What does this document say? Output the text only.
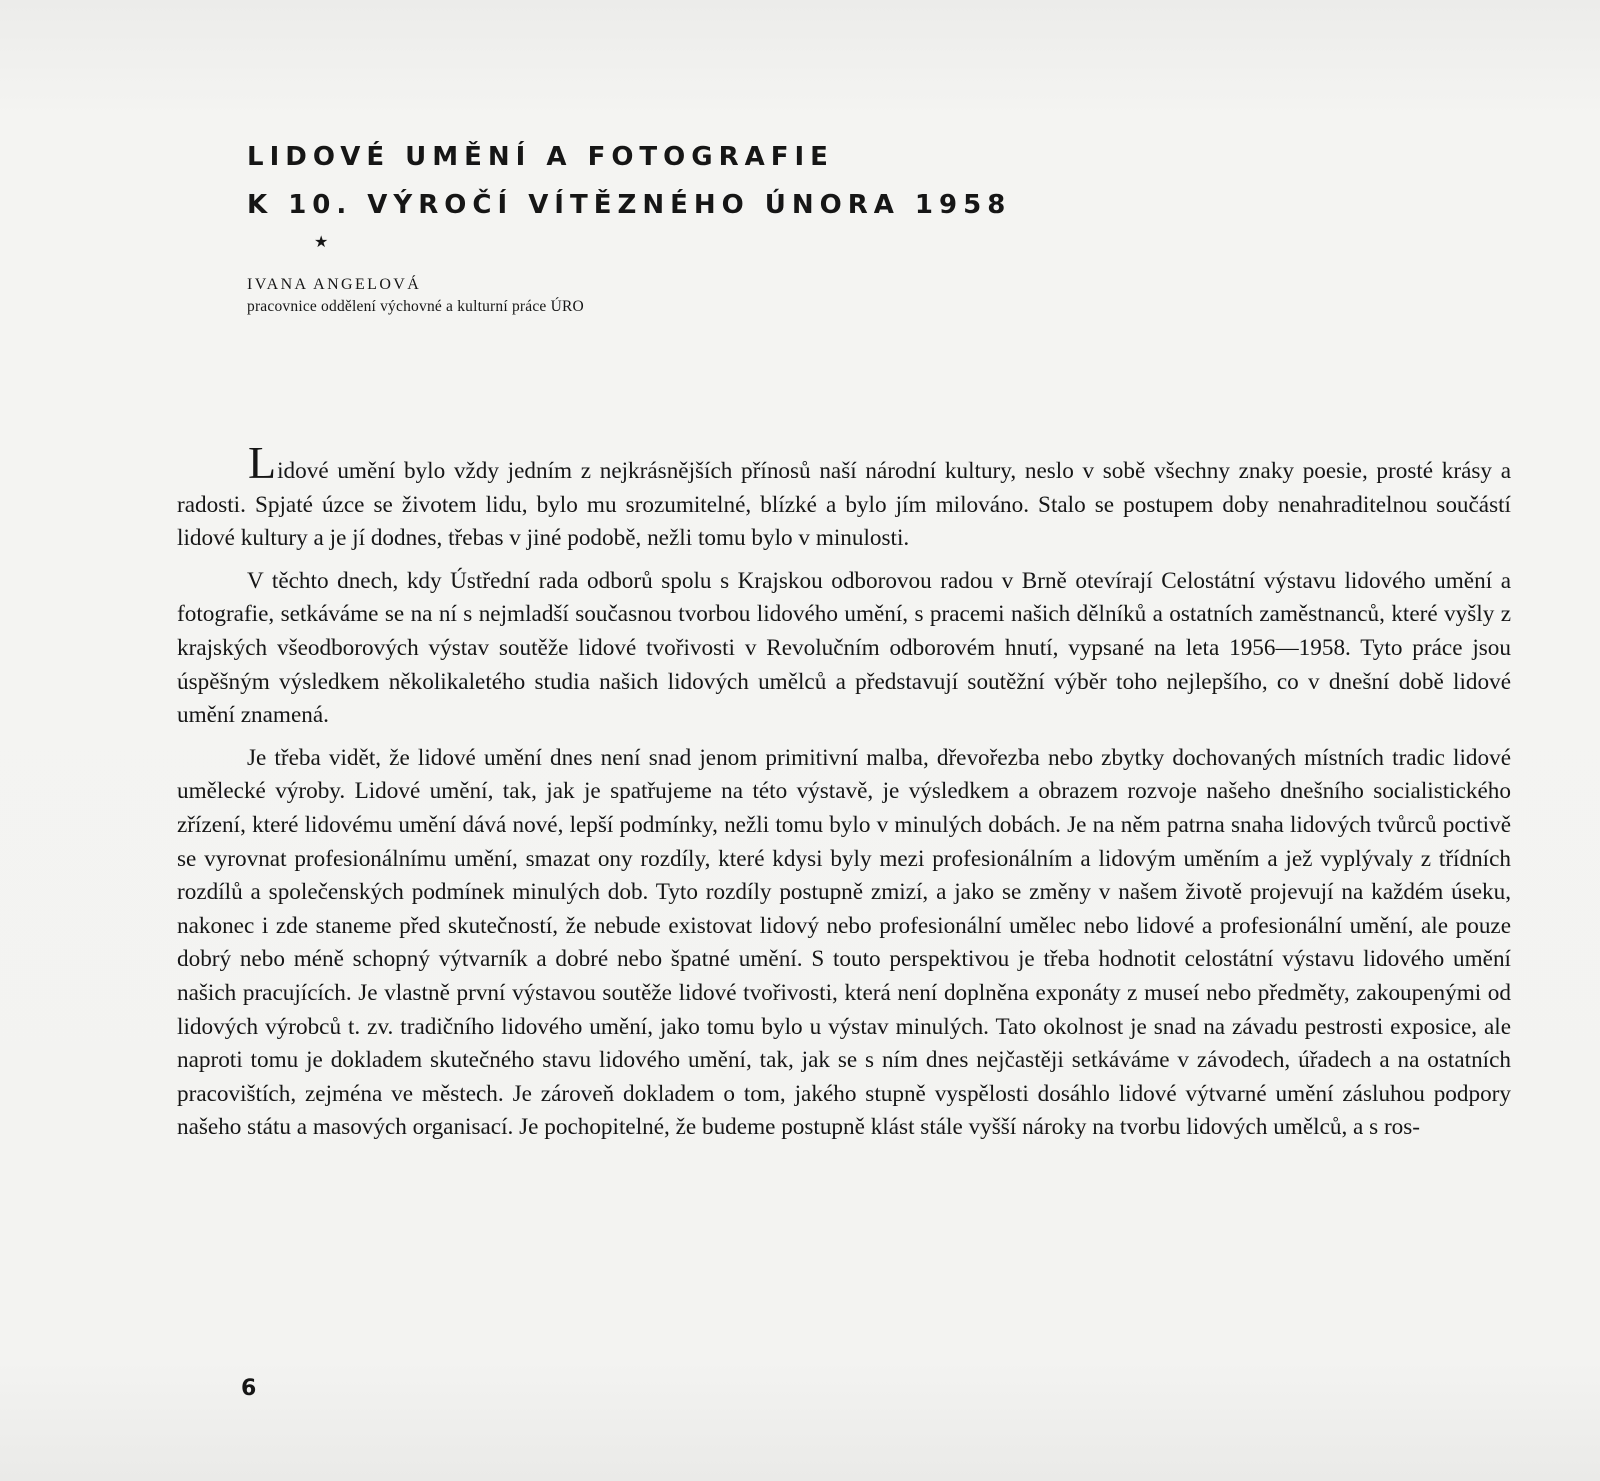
LIDOVÉ UMĚNÍ A FOTOGRAFIE
K 10. VÝROČÍ VÍTĚZNÉHO ÚNORA 1958
★
IVANA ANGELOVÁ
pracovnice oddělení výchovné a kulturní práce ÚRO

Lidové umění bylo vždy jedním z nejkrásnějších přínosů naší národní kultury, neslo v sobě všechny znaky poesie, prosté krásy a radosti. Spjaté úzce se životem lidu, bylo mu srozumitelné, blízké a bylo jím milováno. Stalo se postupem doby nenahraditelnou součástí lidové kultury a je jí dodnes, třebas v jiné podobě, nežli tomu bylo v minulosti.

V těchto dnech, kdy Ústřední rada odborů spolu s Krajskou odborovou radou v Brně otevírají Celostátní výstavu lidového umění a fotografie, setkáváme se na ní s nejmladší současnou tvorbou lidového umění, s pracemi našich dělníků a ostatních zaměstnanců, které vyšly z krajských všeodborových výstav soutěže lidové tvořivosti v Revolučním odborovém hnutí, vypsané na leta 1956—1958. Tyto práce jsou úspěšným výsledkem několikaletého studia našich lidových umělců a představují soutěžní výběr toho nejlepšího, co v dnešní době lidové umění znamená.

Je třeba vidět, že lidové umění dnes není snad jenom primitivní malba, dřevořezba nebo zbytky dochovaných místních tradic lidové umělecké výroby. Lidové umění, tak, jak je spatřujeme na této výstavě, je výsledkem a obrazem rozvoje našeho dnešního socialistického zřízení, které lidovému umění dává nové, lepší podmínky, nežli tomu bylo v minulých dobách. Je na něm patrna snaha lidových tvůrců poctivě se vyrovnat profesionálnímu umění, smazat ony rozdíly, které kdysi byly mezi profesionálním a lidovým uměním a jež vyplývaly z třídních rozdílů a společenských podmínek minulých dob. Tyto rozdíly postupně zmizí, a jako se změny v našem životě projevují na každém úseku, nakonec i zde staneme před skutečností, že nebude existovat lidový nebo profesionální umělec nebo lidové a profesionální umění, ale pouze dobrý nebo méně schopný výtvarník a dobré nebo špatné umění. S touto perspektivou je třeba hodnotit celostátní výstavu lidového umění našich pracujících. Je vlastně první výstavou soutěže lidové tvořivosti, která není doplněna exponáty z museí nebo předměty, zakoupenými od lidových výrobců t. zv. tradičního lidového umění, jako tomu bylo u výstav minulých. Tato okolnost je snad na závadu pestrosti exposice, ale naproti tomu je dokladem skutečného stavu lidového umění, tak, jak se s ním dnes nejčastěji setkáváme v závodech, úřadech a na ostatních pracovištích, zejména ve městech. Je zároveň dokladem o tom, jakého stupně vyspělosti dosáhlo lidové výtvarné umění zásluhou podpory našeho státu a masových organisací. Je pochopitelné, že budeme postupně klást stále vyšší nároky na tvorbu lidových umělců, a s ros-

6
